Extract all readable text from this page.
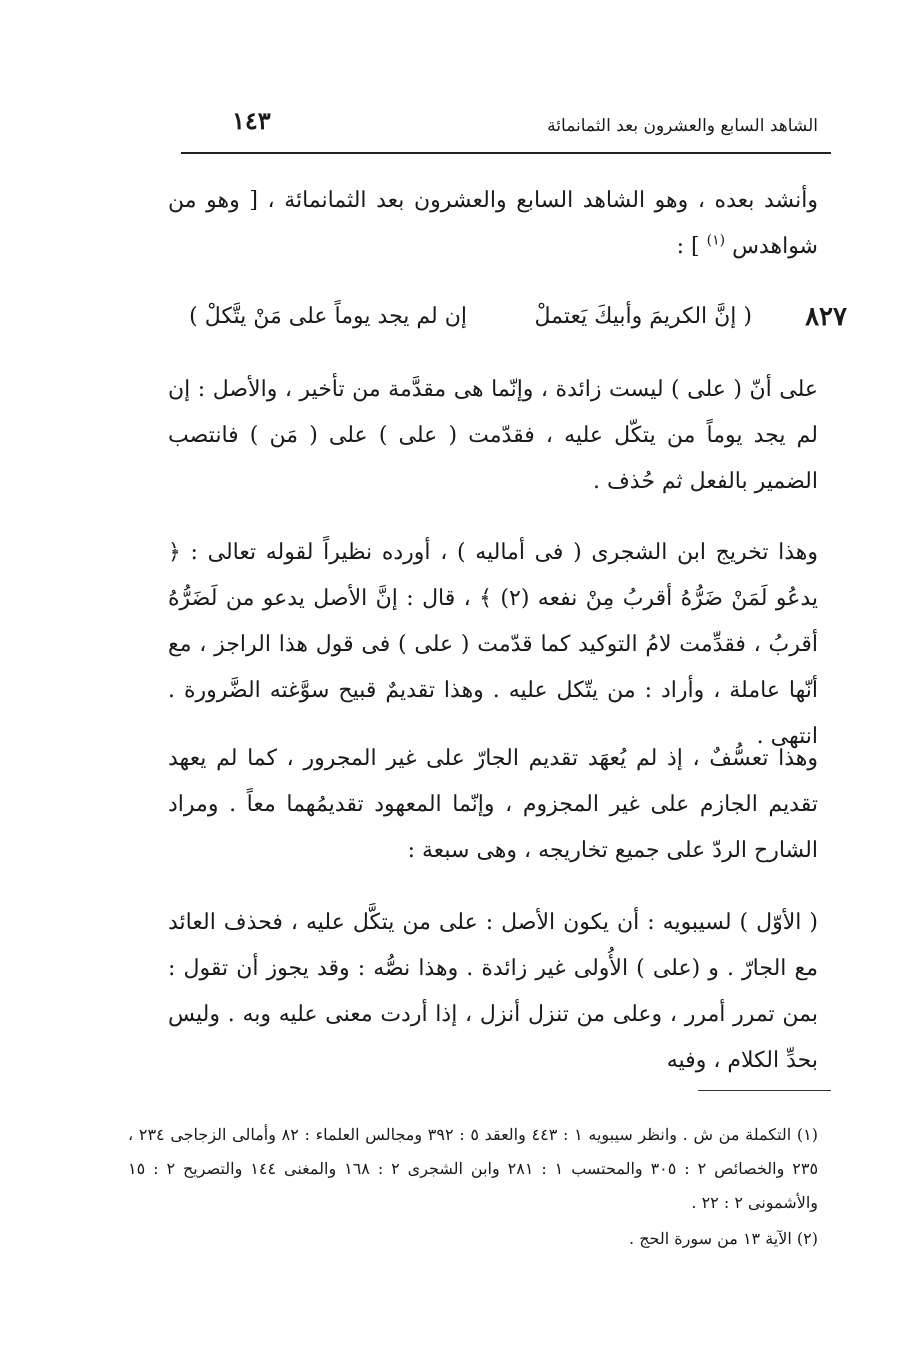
الشاهد السابع والعشرون بعد الثمانمائة
١٤٣
وأنشد بعده ، وهو الشاهد السابع والعشرون بعد الثمانمائة ، [ وهو من
شواهدس $^{(١)}$ ] :
٨٢٧
( إنَّ الكريمَ وأبيكَ يَعتملْ
إن لم يجد يوماً على مَنْ يتَّكلْ )
على أنّ ( على ) ليست زائدة ، وإنّما هى مقدَّمة من تأخير ، والأصل : إن لم يجد يوماً من يتكّل عليه ، فقدّمت ( على ) على ( مَن ) فانتصب الضمير بالفعل ثم حُذف .
وهذا تخريج ابن الشجرى ( فى أماليه ) ، أورده نظيراً لقوله تعالى : ﴿ يدعُو لَمَنْ ضَرُّهُ أقربُ مِنْ نفعه (٢) ﴾ ، قال : إنَّ الأصل يدعو من لَضَرُّهُ أقربُ ، فقدِّمت لامُ التوكيد كما قدّمت ( على ) فى قول هذا الراجز ، مع أنّها عاملة ، وأراد : من يتّكل عليه . وهذا تقديمٌ قبيح سوَّغته الضَّرورة . انتهى .
وهذا تعسُّفٌ ، إذ لم يُعهَد تقديم الجارّ على غير المجرور ، كما لم يعهد تقديم الجازم على غير المجزوم ، وإنّما المعهود تقديمُهما معاً . ومراد الشارح الردّ على جميع تخاريجه ، وهى سبعة :
( الأوّل ) لسيبويه : أن يكون الأصل : على من يتكَّل عليه ، فحذف العائد مع الجارّ . و (على ) الأُولى غير زائدة . وهذا نصُّه : وقد يجوز أن تقول : بمن تمرر أمرر ، وعلى من تنزل أنزل ، إذا أردت معنى عليه وبه . وليس بحدِّ الكلام ، وفيه
(١) التكملة من ش . وانظر سيبويه ١ : ٤٤٣ والعقد ٥ : ٣٩٢ ومجالس العلماء : ٨٢ وأمالى الزجاجى ٢٣٤ ، ٢٣٥ والخصائص ٢ : ٣٠٥ والمحتسب ١ : ٢٨١ وابن الشجرى ٢ : ١٦٨ والمغنى ١٤٤ والتصريح ٢ : ١٥ والأشمونى ٢ : ٢٢ .
(٢) الآية ١٣ من سورة الحج .
